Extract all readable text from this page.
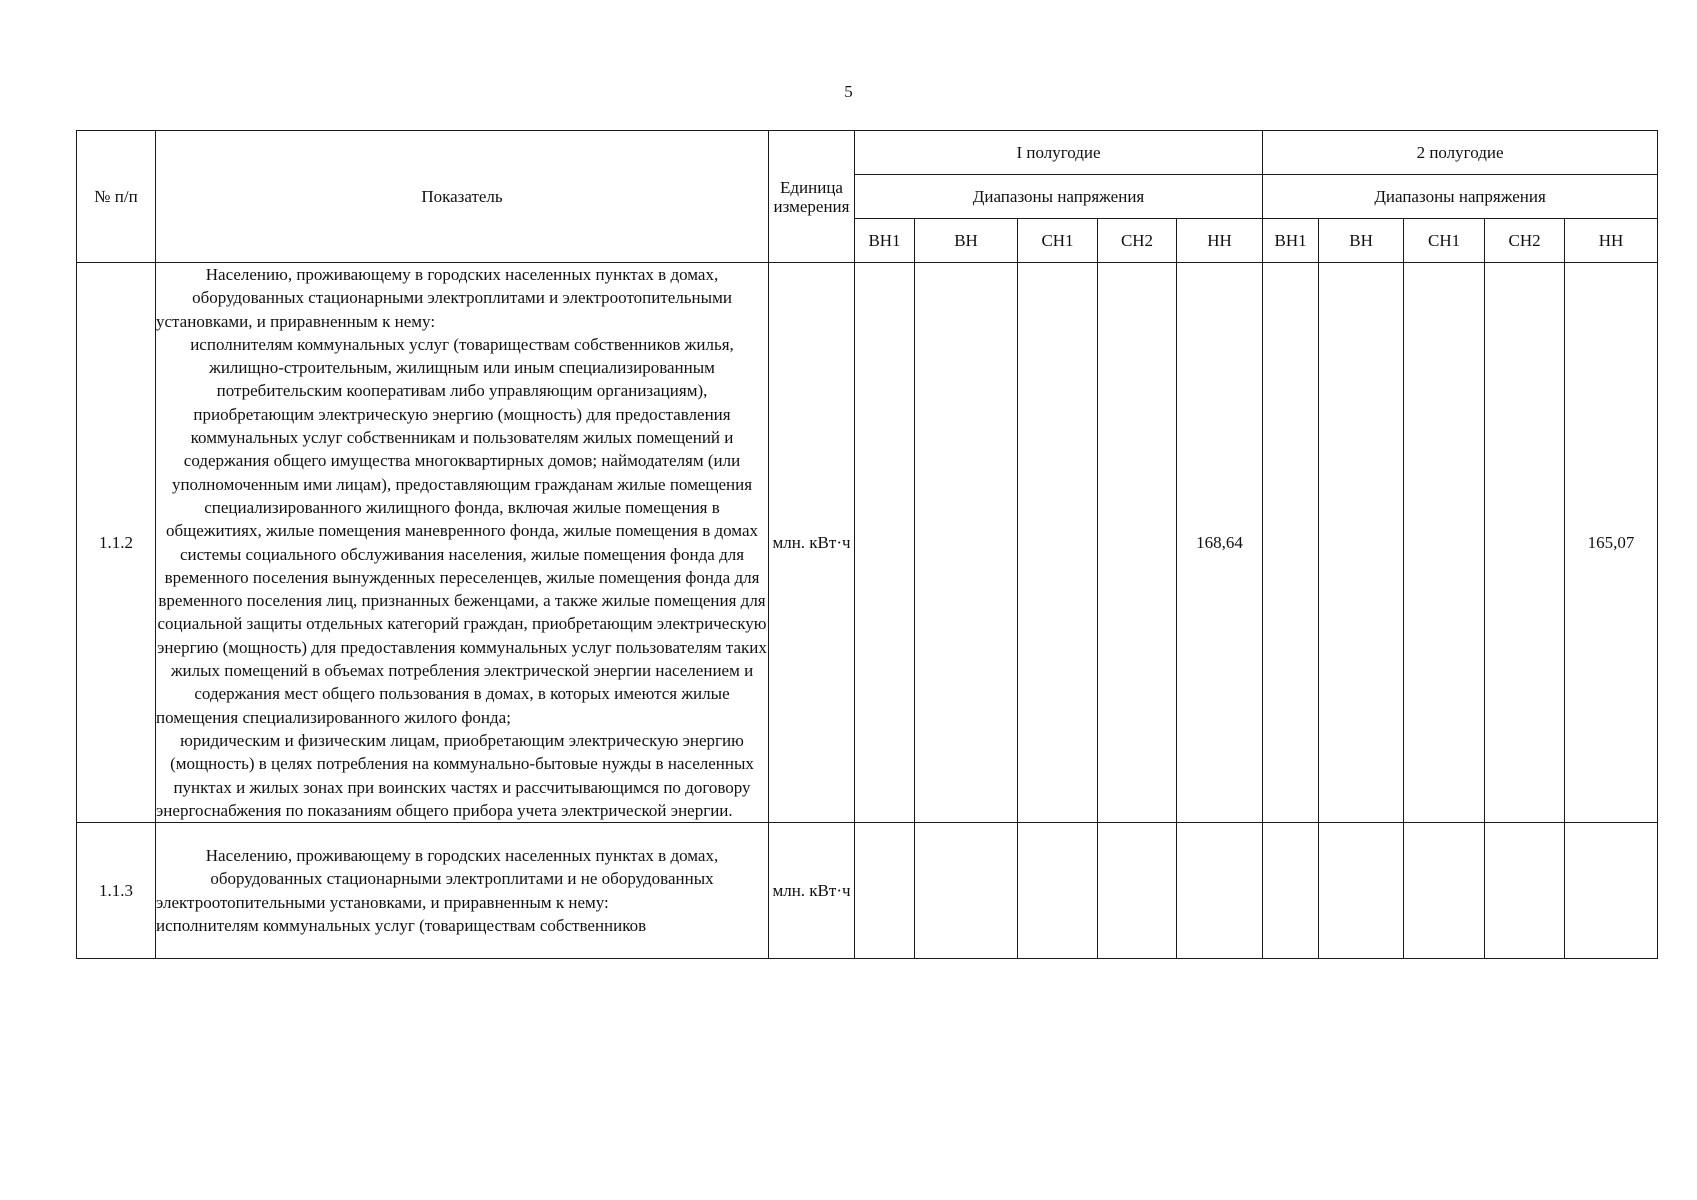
5
№ п/п	Показатель	Единица измерения	I полугодие					2 полугодие				
			Диапазоны напряжения					Диапазоны напряжения				
			ВН1	ВН	СН1	СН2	НН	ВН1	ВН	СН1	СН2	НН
1.1.2	Населению, проживающему в городских населенных пунктах в домах, оборудованных стационарными электроплитами и электроотопительными установками, и приравненным к нему:

исполнителям коммунальных услуг (товариществам собственников жилья, жилищно-строительным, жилищным или иным специализированным потребительским кооперативам либо управляющим организациям), приобретающим электрическую энергию (мощность) для предоставления коммунальных услуг собственникам и пользователям жилых помещений и содержания общего имущества многоквартирных домов; наймодателям (или уполномоченным ими лицам), предоставляющим гражданам жилые помещения специализированного жилищного фонда, включая жилые помещения в общежитиях, жилые помещения маневренного фонда, жилые помещения в домах системы социального обслуживания населения, жилые помещения фонда для временного поселения вынужденных переселенцев, жилые помещения фонда для временного поселения лиц, признанных беженцами, а также жилые помещения для социальной защиты отдельных категорий граждан, приобретающим электрическую энергию (мощность) для предоставления коммунальных услуг пользователям таких жилых помещений в объемах потребления электрической энергии населением и содержания мест общего пользования в домах, в которых имеются жилые помещения специализированного жилого фонда;

юридическим и физическим лицам, приобретающим электрическую энергию (мощность) в целях потребления на коммунально-бытовые нужды в населенных пунктах и жилых зонах при воинских частях и рассчитывающимся по договору энергоснабжения по показаниям общего прибора учета электрической энергии.	млн. кВт·ч					168,64					165,07
1.1.3	Населению, проживающему в городских населенных пунктах в домах, оборудованных стационарными электроплитами и не оборудованных электроотопительными установками, и приравненным к нему:

исполнителям коммунальных услуг (товариществам собственников	млн. кВт·ч										
